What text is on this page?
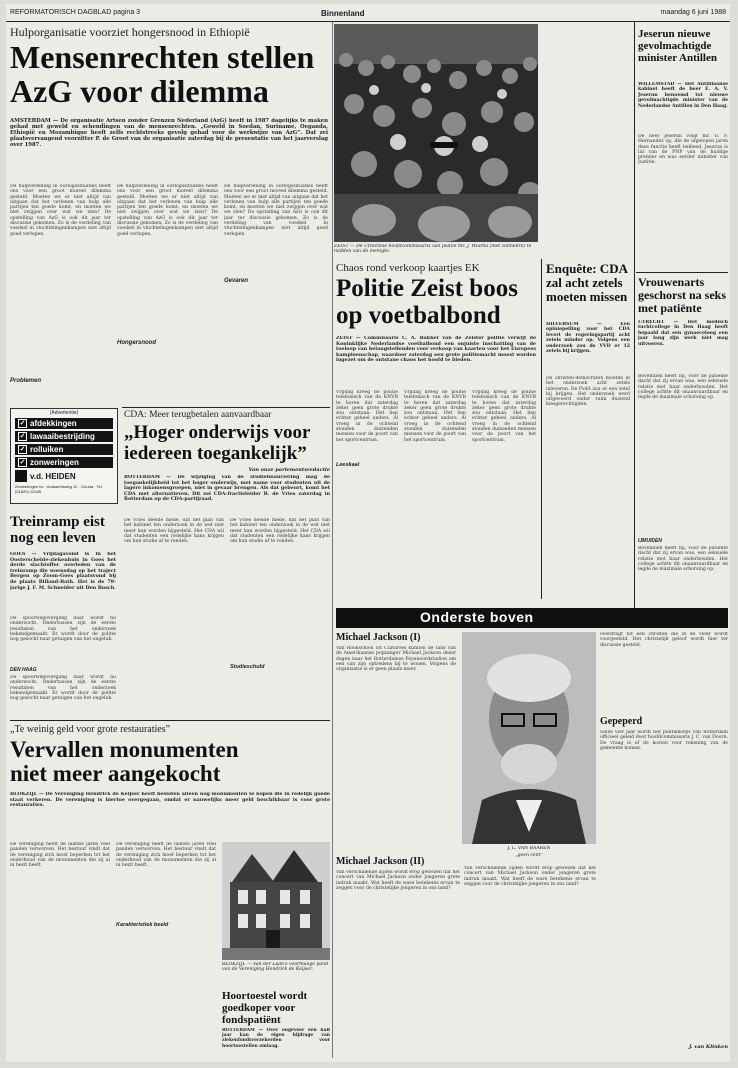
REFORMATORISCH DAGBLAD pagina 3	Binnenland	maandag 6 juni 1988
Hulporganisatie voorziet hongersnood in Ethiopië
Mensenrechten stellen
AzG voor dilemma
AMSTERDAM — De organisatie Artsen zonder Grenzen Nederland (AzG) heeft in 1987 dagelijks te maken gehad met geweld en schendingen van de mensenrechten. „Geweld in Soedan, Suriname, Oeganda, Ethiopië en Mozambique heeft zelfs rechtstreeks gevolg gehad voor de werkwijze van AzG”. Dat zei plaatsvervangend voorzitter P. de Groot van de organisatie zaterdag bij de presentatie van het jaarverslag over 1987.
De hulpverlening in oorlogssituaties heeft ons voor een groot moreel dilemma gesteld. Moeten we er niet altijd van uitgaan dat het verlenen van hulp alle partijen ten goede komt, en moeten we niet zwijgen over wat we zien? De opstelling van AzG is ook dit jaar ter discussie gekomen. Zo is de verdeling van voedsel in vluchtelingenkampen niet altijd goed verlopen.
De hulpverlening in oorlogssituaties heeft ons voor een groot moreel dilemma gesteld. Moeten we er niet altijd van uitgaan dat het verlenen van hulp alle partijen ten goede komt, en moeten we niet zwijgen over wat we zien? De opstelling van AzG is ook dit jaar ter discussie gekomen. Zo is de verdeling van voedsel in vluchtelingenkampen niet altijd goed verlopen.
De hulpverlening in oorlogssituaties heeft ons voor een groot moreel dilemma gesteld. Moeten we er niet altijd van uitgaan dat het verlenen van hulp alle partijen ten goede komt, en moeten we niet zwijgen over wat we zien? De opstelling van AzG is ook dit jaar ter discussie gekomen. Zo is de verdeling van voedsel in vluchtelingenkampen niet altijd goed verlopen.
Problemen
Hongersnood
Gevaren
ZEIST — De Utrechtse hoofdcommissaris van politie mr. J. Wiarda (met zonnebril) te midden van de menigte.
(Advertentie)
✓ afdekkingen
✓ lawaaibestrijding
✓ rolluiken
✓ zonweringen
v.d. HEIDEN
Zonweringen bv · Ambachtsweg 12 · Gouda · Tel. (01820) 12345
Treinramp eist nog een leven
GOES — Vrijdagavond is in het Oosterschelde-ziekenhuis in Goes het derde slachtoffer overleden van de treinramp die woensdag op het traject Bergen op Zoom-Goes plaatsvond bij de plaats Rilland-Bath. Het is de 79-jarige J. F. M. Schneider uit Den Bosch.
De spoorwegovergang daar wordt nu onderzocht. Ondertussen zijn de eerste resultaten van het onderzoek bekendgemaakt. Er wordt door de politie nog gezocht naar getuigen van het ongeluk.
DEN HAAG
De spoorwegovergang daar wordt nu onderzocht. Ondertussen zijn de eerste resultaten van het onderzoek bekendgemaakt. Er wordt door de politie nog gezocht naar getuigen van het ongeluk.
CDA: Meer terugbetalen aanvaardbaar
„Hoger onderwijs voor
iedereen toegankelijk”
Van onze parlementsredactie
ROTTERDAM — De wijziging van de studiefinanciering mag de toegankelijkheid tot het hoger onderwijs, met name voor studenten uit de lagere inkomensgroepen, niet in gevaar brengen. Als dat gebeurt, komt het CDA met alternatieven. Dit zei CDA-fractieleider B. de Vries zaterdag in Rotterdam op de CDA-partijraad.
De Vries deelde mede, dat het plan van het kabinet ten onderzoek in de wet niet meer kan worden bijgesteld. Het CDA wil dat studenten een redelijke kans krijgen om hun studie af te ronden.
De Vries deelde mede, dat het plan van het kabinet ten onderzoek in de wet niet meer kan worden bijgesteld. Het CDA wil dat studenten een redelijke kans krijgen om hun studie af te ronden.
Studieschuld
Chaos rond verkoop kaartjes EK
Politie Zeist boos
op voetbalbond
ZEIST — Commissaris C. A. Bakker van de Zeister politie verwijt de Koninklijke Nederlandse voetbalbond een onjuiste inschatting van de toeloop van belangstellenden voor verkoop van kaarten voor het Europees kampioenschap, waardoor zaterdag een grote politiemacht moest worden ingezet om de ontstane chaos het hoofd te bieden.
Vrijdag kreeg de politie telefonisch van de KNVB te horen dat zaterdag zeker geen grote drukte zou ontstaan. Het liep echter geheel anders. Al vroeg in de ochtend stonden duizenden mensen voor de poort van het sportcentrum.
Vrijdag kreeg de politie telefonisch van de KNVB te horen dat zaterdag zeker geen grote drukte zou ontstaan. Het liep echter geheel anders. Al vroeg in de ochtend stonden duizenden mensen voor de poort van het sportcentrum.
Vrijdag kreeg de politie telefonisch van de KNVB te horen dat zaterdag zeker geen grote drukte zou ontstaan. Het liep echter geheel anders. Al vroeg in de ochtend stonden duizenden mensen voor de poort van het sportcentrum.
Leeskaal
Enquête: CDA zal acht zetels moeten missen
HILVERSUM — Een opiniepeiling voor het CDA levert de regeringspartij acht zetels minder op. Volgens een onderzoek zou de VVD er 12 zetels bij krijgen.
De christen-democraten moeten in het onderzoek acht zetels inleveren. De PvdA zou er een zetel bij krijgen. Het onderzoek werd uitgevoerd onder ruim duizend kiesgerechtigden.
Jeserun nieuwe gevolmachtigde minister Antillen
WILLEMSTAD — Het Antilliaanse kabinet heeft de heer E. A. V. Jeserun benoemd tot nieuwe gevolmachtigde minister van de Nederlandse Antillen in Den Haag.
De heer Jeserun volgt mr. G. F. Hernandez op, die de afgelopen jaren deze functie heeft bekleed. Jeserun is lid van de PNP van de huidige premier en was eerder minister van Justitie.
Vrouwenarts geschorst na seks met patiënte
UTRECHT — Het medisch tuchtcollege in Den Haag heeft bepaald dat een gynaecoloog een jaar lang zijn werk niet mag uitvoeren.
Bovendien heeft hij, voor de patiënte dacht dat zij ervan was, een seksuele relatie met haar onderhouden. Het college achtte dit onaanvaardbaar en legde de maximale schorsing op.
IJMUIDEN
Bovendien heeft hij, voor de patiënte dacht dat zij ervan was, een seksuele relatie met haar onderhouden. Het college achtte dit onaanvaardbaar en legde de maximale schorsing op.
Onderste boven
Michael Jackson (I)
Van Rookschool tot Cultureel kunnen de fans van de Amerikaanse popzanger Michael Jackson dezer dagen naar het Rotterdamse Feyenoordstadion om een van zijn optredens bij te wonen. Volgens de organisatie is er geen plaats meer.
J. L. VAN BAAREN
„geen cent”
overdragt tot een christen die in de vloer wordt voorgesteld. Het christelijk geloof wordt hier ter discussie gesteld.
Gepeperd
Sinds vier jaar wordt het politiekorps van Rotterdam officieel geleid door hoofdcommissaris J. C. van Doorn. De vraag is of de kosten voor rekening van de gemeente komen.
J. van Klinken
Michael Jackson (II)
Van verschillende zijden wordt erop gewezen dat het concert van Michael Jackson onder jongeren grote indruk maakt. Wat heeft de ware betekenis ervan te zeggen voor de christelijke jongeren in ons land?
Van verschillende zijden wordt erop gewezen dat het concert van Michael Jackson onder jongeren grote indruk maakt. Wat heeft de ware betekenis ervan te zeggen voor de christelijke jongeren in ons land?
„Te weinig geld voor grote restauraties”
Vervallen monumenten
niet meer aangekocht
BLOKZIJL — De Vereniging Hendrick de Keijser heeft besloten alleen nog monumenten te kopen die in redelijk goede staat verkeren. De vereniging is hiertoe overgegaan, omdat er nauwelijks meer geld beschikbaar is voor grote restauraties.
De vereniging heeft de laatste jaren veel panden verworven. Het bestuur vindt dat de vereniging zich moet beperken tot het onderhoud van de monumenten die zij al in bezit heeft.
De vereniging heeft de laatste jaren veel panden verworven. Het bestuur vindt dat de vereniging zich moet beperken tot het onderhoud van de monumenten die zij al in bezit heeft.
Karakteristiek beeld
BLOKZIJL — Van der Laan's voormalige pand van de Vereniging Hendrick de Keijser.
Hoortoestel wordt goedkoper voor fondspatiënt
ROTTERDAM — Over ongeveer een half jaar kan de eigen bijdrage van ziekenfondsverzekerden voor hoortoestellen omlaag.
